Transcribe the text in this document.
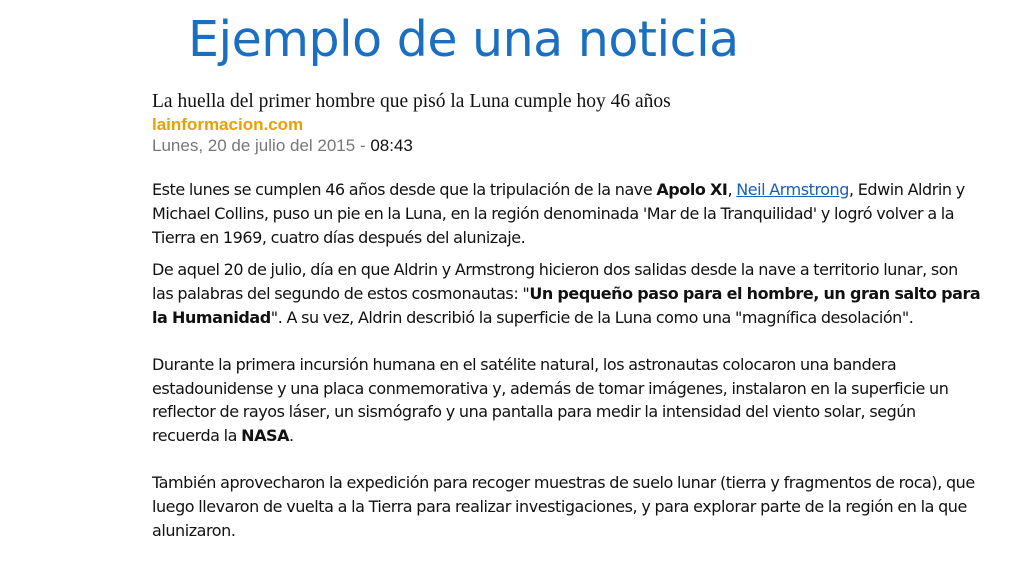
Ejemplo de una noticia

La huella del primer hombre que pisó la Luna cumple hoy 46 años

lainformacion.com

Lunes, 20 de julio del 2015 - 08:43

Este lunes se cumplen 46 años desde que la tripulación de la nave Apolo XI, Neil Armstrong, Edwin Aldrin y Michael Collins, puso un pie en la Luna, en la región denominada 'Mar de la Tranquilidad' y logró volver a la Tierra en 1969, cuatro días después del alunizaje.

De aquel 20 de julio, día en que Aldrin y Armstrong hicieron dos salidas desde la nave a territorio lunar, son las palabras del segundo de estos cosmonautas: "Un pequeño paso para el hombre, un gran salto para la Humanidad". A su vez, Aldrin describió la superficie de la Luna como una "magnífica desolación".

Durante la primera incursión humana en el satélite natural, los astronautas colocaron una bandera estadounidense y una placa conmemorativa y, además de tomar imágenes, instalaron en la superficie un reflector de rayos láser, un sismógrafo y una pantalla para medir la intensidad del viento solar, según recuerda la NASA.

También aprovecharon la expedición para recoger muestras de suelo lunar (tierra y fragmentos de roca), que luego llevaron de vuelta a la Tierra para realizar investigaciones, y para explorar parte de la región en la que alunizaron.
